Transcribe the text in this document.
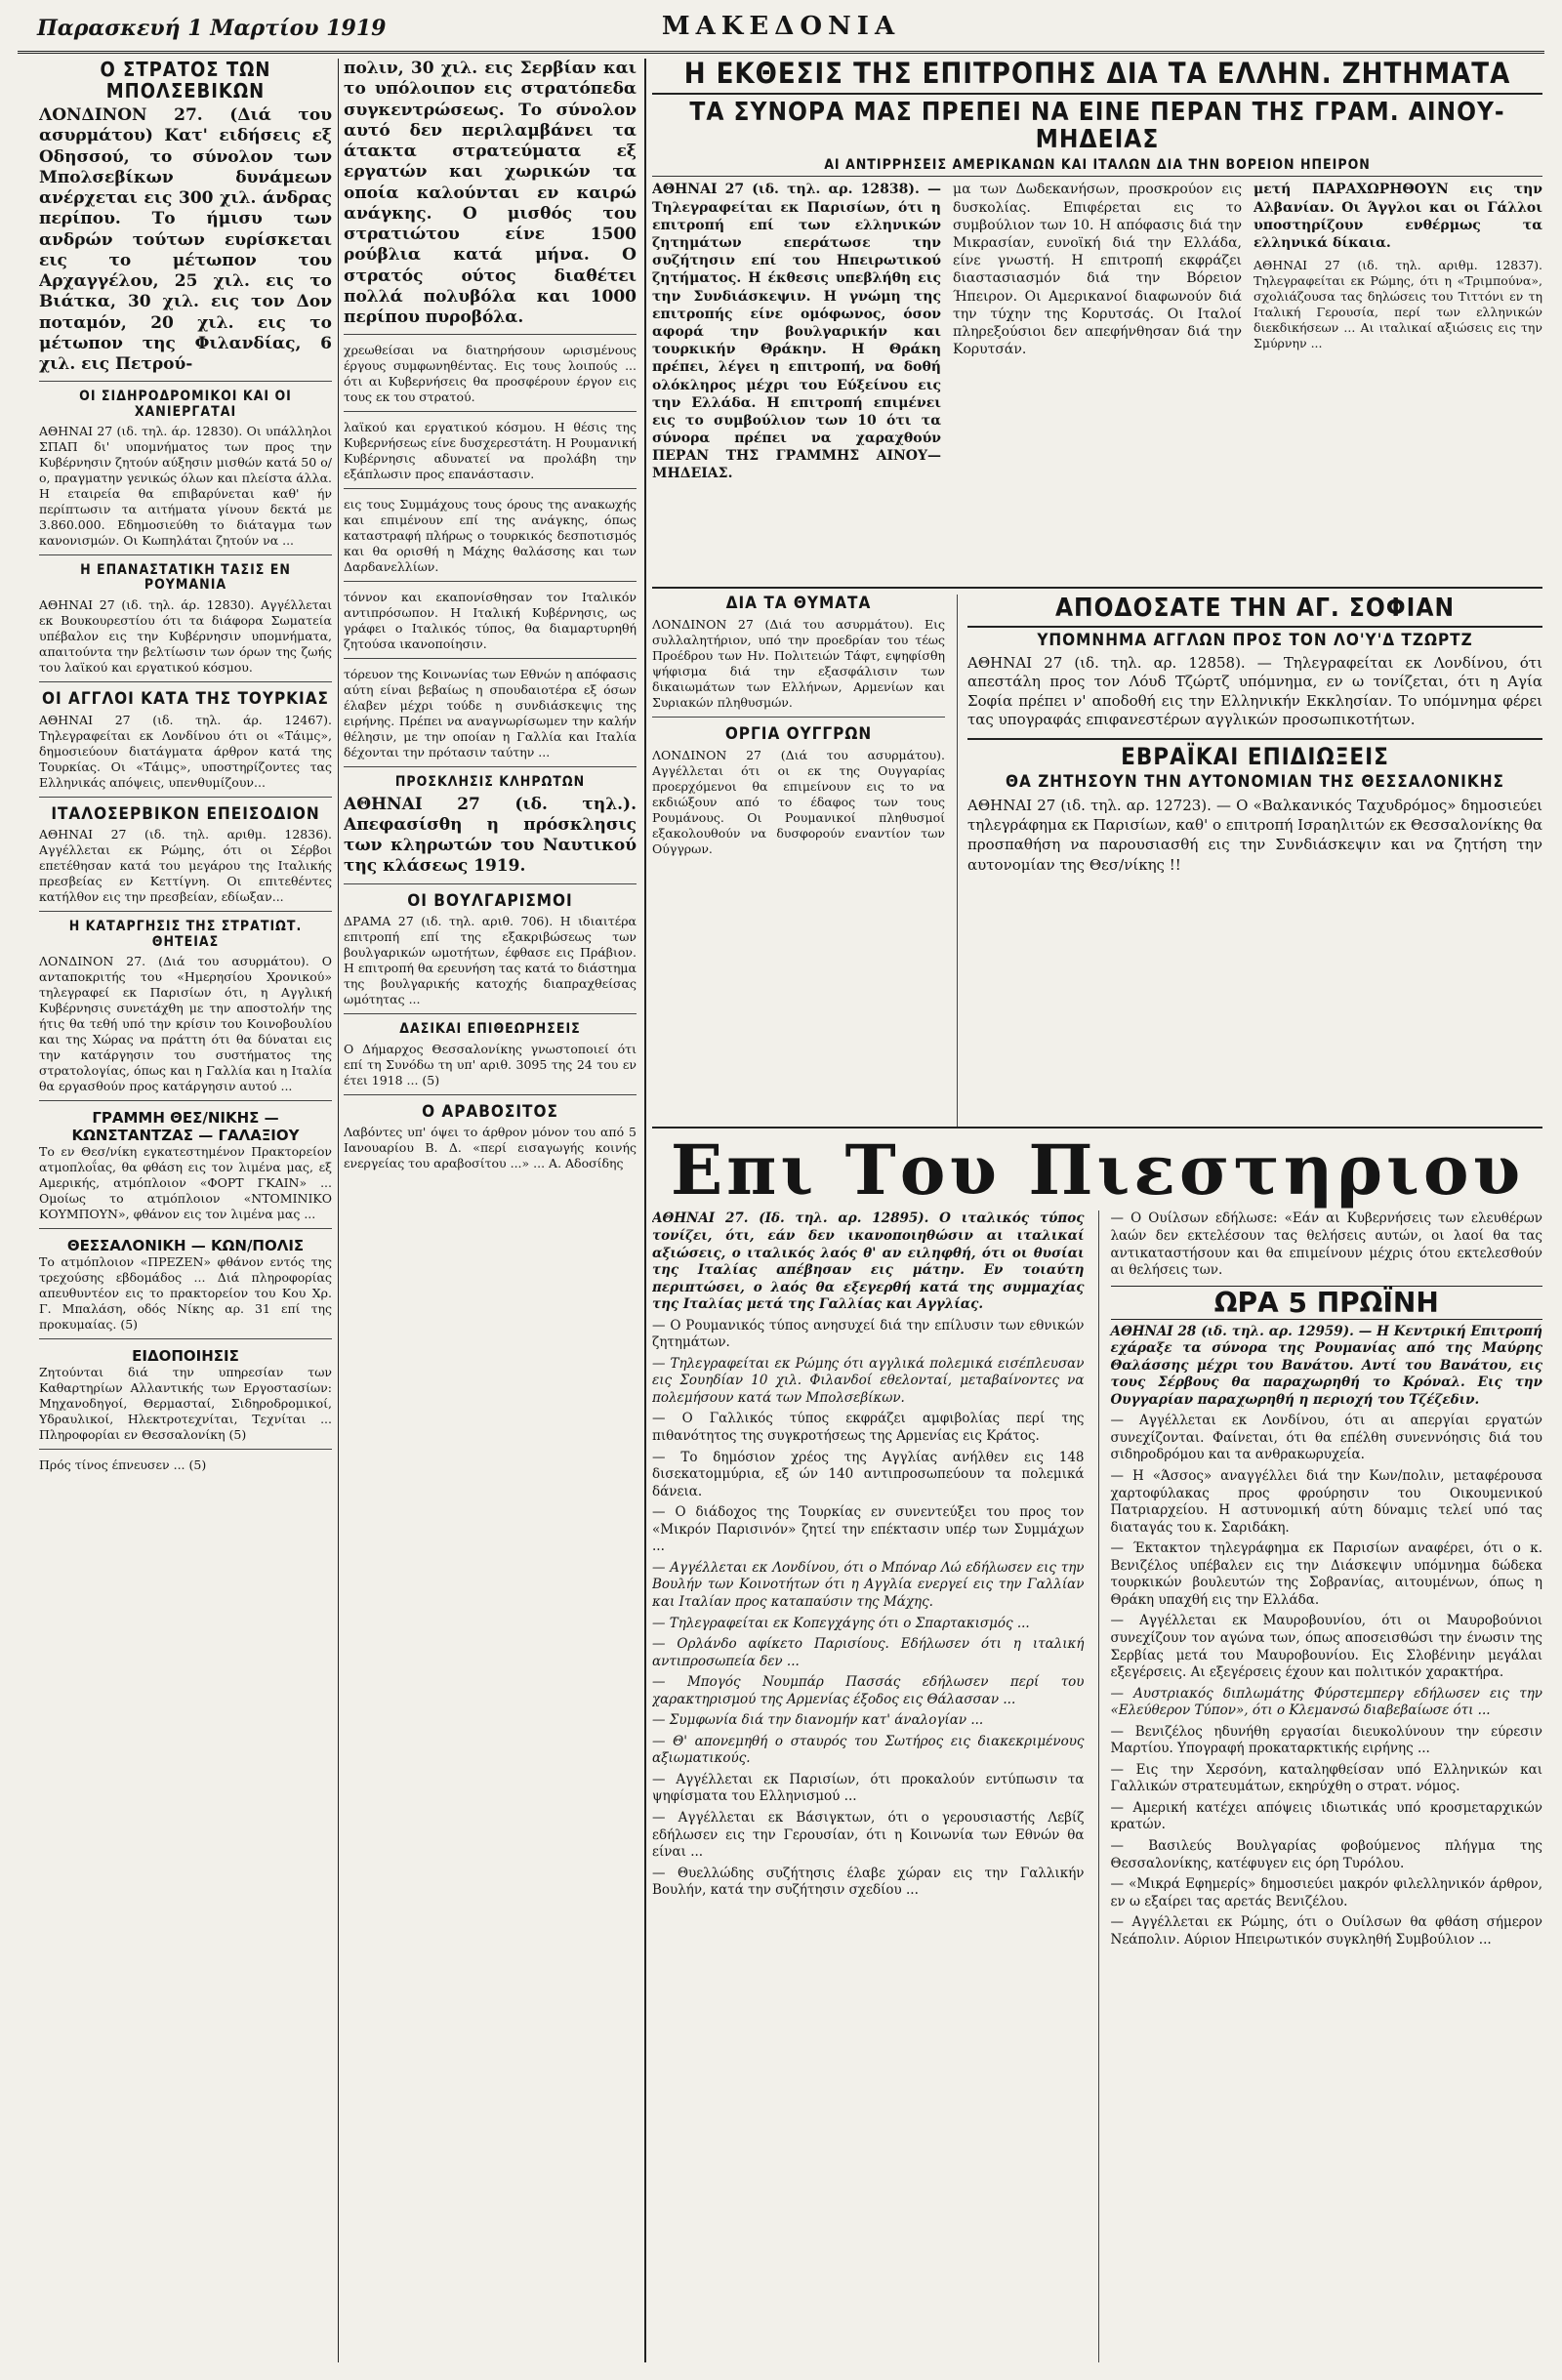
Παρασκευή 1 Μαρτίου 1919	ΜΑΚΕΔΟΝΙΑ
Ο ΣΤΡΑΤΟΣ ΤΩΝ ΜΠΟΛΣΕΒΙΚΩΝ

ΛΟΝΔΙΝΟΝ 27. (Διά του ασυρμάτου) Κατ' ειδήσεις εξ Οδησσού, το σύνολον των Μπολσεβίκων δυνάμεων ανέρχεται εις 300 χιλ. άνδρας περίπου. Το ήμισυ των ανδρών τούτων ευρίσκεται εις το μέτωπον του Αρχαγγέλου, 25 χιλ. εις το Βιάτκα, 30 χιλ. εις τον Δον ποταμόν, 20 χιλ. εις το μέτωπον της Φιλανδίας, 6 χιλ. εις Πετρού-

ΟΙ ΣΙΔΗΡΟΔΡΟΜΙΚΟΙ ΚΑΙ ΟΙ ΧΑΝΙΕΡΓΑΤΑΙ

ΑΘΗΝΑΙ 27 (ιδ. τηλ. άρ. 12830). Οι υπάλληλοι ΣΠΑΠ δι' υπομνήματος των προς την Κυβέρνησιν ζητούν αύξησιν μισθών κατά 50 ο/ο, πραγματην γενικώς όλων και πλείστα άλλα. Η εταιρεία θα επιβαρύνεται καθ' ήν περίπτωσιν τα αιτήματα γίνουν δεκτά με 3.860.000. Εδημοσιεύθη το διάταγμα των κανονισμών. Οι Κωπηλάται ζητούν να ...

Η ΕΠΑΝΑΣΤΑΤΙΚΗ ΤΑΣΙΣ ΕΝ ΡΟΥΜΑΝΙΑ

ΑΘΗΝΑΙ 27 (ιδ. τηλ. άρ. 12830). Αγγέλλεται εκ Βουκουρεστίου ότι τα διάφορα Σωματεία υπέβαλον εις την Κυβέρνησιν υπομνήματα, απαιτούντα την βελτίωσιν των όρων της ζωής του λαϊκού και εργατικού κόσμου.

ΟΙ ΑΓΓΛΟΙ ΚΑΤΑ ΤΗΣ ΤΟΥΡΚΙΑΣ

ΑΘΗΝΑΙ 27 (ιδ. τηλ. άρ. 12467). Τηλεγραφείται εκ Λονδίνου ότι οι «Τάιμς», δημοσιεύουν διατάγματα άρθρον κατά της Τουρκίας. Οι «Τάιμς», υποστηρίζοντες τας Ελληνικάς απόψεις, υπενθυμίζουν...

ΙΤΑΛΟΣΕΡΒΙΚΟΝ ΕΠΕΙΣΟΔΙΟΝ

ΑΘΗΝΑΙ 27 (ιδ. τηλ. αριθμ. 12836). Αγγέλλεται εκ Ρώμης, ότι οι Σέρβοι επετέθησαν κατά του μεγάρου της Ιταλικής πρεσβείας εν Κεττίγνη. Οι επιτεθέντες κατήλθον εις την πρεσβείαν, εδίωξαν...

Η ΚΑΤΑΡΓΗΣΙΣ ΤΗΣ ΣΤΡΑΤΙΩΤ. ΘΗΤΕΙΑΣ

ΛΟΝΔΙΝΟΝ 27. (Διά του ασυρμάτου). Ο ανταποκριτής του «Ημερησίου Χρονικού» τηλεγραφεί εκ Παρισίων ότι, η Αγγλική Κυβέρνησις συνετάχθη με την αποστολήν της ήτις θα τεθή υπό την κρίσιν του Κοινοβουλίου και της Χώρας να πράττη ότι θα δύναται εις την κατάργησιν του συστήματος της στρατολογίας, όπως και η Γαλλία και η Ιταλία θα εργασθούν προς κατάργησιν αυτού ...

ΓΡΑΜΜΗ ΘΕΣ/ΝΙΚΗΣ — ΚΩΝΣΤΑΝΤΖΑΣ — ΓΑΛΑΞΙΟΥ

Το εν Θεσ/νίκη εγκατεστημένον Πρακτορείον ατμοπλοΐας, θα φθάση εις τον λιμένα μας, εξ Αμερικής, ατμόπλοιον «ΦΟΡΤ ΓΚΑΙΝ» ... Ομοίως το ατμόπλοιον «ΝΤΟΜΙΝΙΚΟ ΚΟΥΜΠΟΥΝ», φθάνον εις τον λιμένα μας ...

ΘΕΣΣΑΛΟΝΙΚΗ — ΚΩΝ/ΠΟΛΙΣ

Το ατμόπλοιον «ΠΡΕΖΕΝ» φθάνον εντός της τρεχούσης εβδομάδος ... Διά πληροφορίας απευθυντέον εις το πρακτορείον του Κου Χρ. Γ. Μπαλάση, οδός Νίκης αρ. 31 επί της προκυμαίας. (5)

ΕΙΔΟΠΟΙΗΣΙΣ

Ζητούνται διά την υπηρεσίαν των Καθαρτηρίων Αλλαντικής των Εργοστασίων: Μηχανοδηγοί, Θερμασταί, Σιδηροδρομικοί, Υδραυλικοί, Ηλεκτροτεχνίται, Τεχνίται ... Πληροφορίαι εν Θεσσαλονίκη (5)

Πρός τίνος έπνευσεν ... (5)

πολιν, 30 χιλ. εις Σερβίαν και το υπόλοιπον εις στρατόπεδα συγκεντρώσεως. Το σύνολον αυτό δεν περιλαμβάνει τα άτακτα στρατεύματα εξ εργατών και χωρικών τα οποία καλούνται εν καιρώ ανάγκης. Ο μισθός του στρατιώτου είνε 1500 ρούβλια κατά μήνα. Ο στρατός ούτος διαθέτει πολλά πολυβόλα και 1000 περίπου πυροβόλα.

χρεωθείσαι να διατηρήσουν ωρισμένους έργους συμφωνηθέντας. Εις τους λοιπούς ... ότι αι Κυβερνήσεις θα προσφέρουν έργον εις τους εκ του στρατού.

λαϊκού και εργατικού κόσμου. Η θέσις της Κυβερνήσεως είνε δυσχερεστάτη. Η Ρουμανική Κυβέρνησις αδυνατεί να προλάβη την εξάπλωσιν προς επανάστασιν.

εις τους Συμμάχους τους όρους της ανακωχής και επιμένουν επί της ανάγκης, όπως καταστραφή πλήρως ο τουρκικός δεσποτισμός και θα ορισθή η Μάχης θαλάσσης και των Δαρδανελλίων.

τόννον και εκαπονίσθησαν τον Ιταλικόν αντιπρόσωπον. Η Ιταλική Κυβέρνησις, ως γράφει ο Ιταλικός τύπος, θα διαμαρτυρηθή ζητούσα ικανοποίησιν.

τόρευον της Κοινωνίας των Εθνών η απόφασις αύτη είναι βεβαίως η σπουδαιοτέρα εξ όσων έλαβεν μέχρι τούδε η συνδιάσκεψις της ειρήνης. Πρέπει να αναγνωρίσωμεν την καλήν θέλησιν, με την οποίαν η Γαλλία και Ιταλία δέχονται την πρότασιν ταύτην ...

ΠΡΟΣΚΛΗΣΙΣ ΚΛΗΡΩΤΩΝ

ΑΘΗΝΑΙ 27 (ιδ. τηλ.). Απεφασίσθη η πρόσκλησις των κληρωτών του Ναυτικού της κλάσεως 1919.

ΟΙ ΒΟΥΛΓΑΡΙΣΜΟΙ

ΔΡΑΜΑ 27 (ιδ. τηλ. αριθ. 706). Η ιδιαιτέρα επιτροπή επί της εξακριβώσεως των βουλγαρικών ωμοτήτων, έφθασε εις Πράβιον. Η επιτροπή θα ερευνήση τας κατά το διάστημα της βουλγαρικής κατοχής διαπραχθείσας ωμότητας ...

ΔΑΣΙΚΑΙ ΕΠΙΘΕΩΡΗΣΕΙΣ

Ο Δήμαρχος Θεσσαλονίκης γνωστοποιεί ότι επί τη Συνόδω τη υπ' αριθ. 3095 της 24 του εν έτει 1918 ... (5)

Ο ΑΡΑΒΟΣΙΤΟΣ

Λαβόντες υπ' όψει το άρθρον μόνον του από 5 Ιανουαρίου Β. Δ. «περί εισαγωγής κοινής ενεργείας του αραβοσίτου ...» ... Α. Αδοσίδης

Η ΕΚΘΕΣΙΣ ΤΗΣ ΕΠΙΤΡΟΠΗΣ ΔΙΑ ΤΑ ΕΛΛΗΝ. ΖΗΤΗΜΑΤΑ
ΤΑ ΣΥΝΟΡΑ ΜΑΣ ΠΡΕΠΕΙ ΝΑ ΕΙΝΕ ΠΕΡΑΝ ΤΗΣ ΓΡΑΜ. ΑΙΝΟΥ-ΜΗΔΕΙΑΣ
ΑΙ ΑΝΤΙΡΡΗΣΕΙΣ ΑΜΕΡΙΚΑΝΩΝ ΚΑΙ ΙΤΑΛΩΝ ΔΙΑ ΤΗΝ ΒΟΡΕΙΟΝ ΗΠΕΙΡΟΝ

ΑΘΗΝΑΙ 27 (ιδ. τηλ. αρ. 12838). — Τηλεγραφείται εκ Παρισίων, ότι η επιτροπή επί των ελληνικών ζητημάτων επεράτωσε την συζήτησιν επί του Ηπειρωτικού ζητήματος. Η έκθεσις υπεβλήθη εις την Συνδιάσκεψιν. Η γνώμη της επιτροπής είνε ομόφωνος, όσον αφορά την βουλγαρικήν και τουρκικήν Θράκην. Η Θράκη πρέπει, λέγει η επιτροπή, να δοθή ολόκληρος μέχρι του Εύξείνου εις την Ελλάδα. Η επιτροπή επιμένει εις το συμβούλιον των 10 ότι τα σύνορα πρέπει να χαραχθούν ΠΕΡΑΝ ΤΗΣ ΓΡΑΜΜΗΣ ΑΙΝΟΥ—ΜΗΔΕΙΑΣ.

μα των Δωδεκανήσων, προσκρούον εις δυσκολίας. Επιφέρεται εις το συμβούλιον των 10. Η απόφασις διά την Μικρασίαν, ευνοϊκή διά την Ελλάδα, είνε γνωστή. Η επιτροπή εκφράζει διαστασιασμόν διά την Βόρειον Ήπειρον. Οι Αμερικανοί διαφωνούν διά την τύχην της Κορυτσάς. Οι Ιταλοί πληρεξούσιοι δεν απεφήνθησαν διά την Κορυτσάν.

μετή ΠΑΡΑΧΩΡΗΘΟΥΝ εις την Αλβανίαν. Οι Άγγλοι και οι Γάλλοι υποστηρίζουν ενθέρμως τα ελληνικά δίκαια.

ΑΘΗΝΑΙ 27 (ιδ. τηλ. αριθμ. 12837). Τηλεγραφείται εκ Ρώμης, ότι η «Τριμπούνα», σχολιάζουσα τας δηλώσεις του Τιττόνι εν τη Ιταλική Γερουσία, περί των ελληνικών διεκδικήσεων ... Αι ιταλικαί αξιώσεις εις την Σμύρνην ...

ΔΙΑ ΤΑ ΘΥΜΑΤΑ

ΛΟΝΔΙΝΟΝ 27 (Διά του ασυρμάτου). Εις συλλαλητήριον, υπό την προεδρίαν του τέως Προέδρου των Ην. Πολιτειών Τάφτ, εψηφίσθη ψήφισμα διά την εξασφάλισιν των δικαιωμάτων των Ελλήνων, Αρμενίων και Συριακών πληθυσμών.

ΟΡΓΙΑ ΟΥΓΓΡΩΝ

ΛΟΝΔΙΝΟΝ 27 (Διά του ασυρμάτου). Αγγέλλεται ότι οι εκ της Ουγγαρίας προερχόμενοι θα επιμείνουν εις το να εκδιώξουν από το έδαφος των τους Ρουμάνους. Οι Ρουμανικοί πληθυσμοί εξακολουθούν να δυσφορούν εναντίον των Ούγγρων.

ΑΠΟΔΟΣΑΤΕ ΤΗΝ ΑΓ. ΣΟΦΙΑΝ
ΥΠΟΜΝΗΜΑ ΑΓΓΛΩΝ ΠΡΟΣ ΤΟΝ ΛΟ'Υ'Δ ΤΖΩΡΤΖ

ΑΘΗΝΑΙ 27 (ιδ. τηλ. αρ. 12858). — Τηλεγραφείται εκ Λονδίνου, ότι απεστάλη προς τον Λόυδ Τζώρτζ υπόμνημα, εν ω τονίζεται, ότι η Αγία Σοφία πρέπει ν' αποδοθή εις την Ελληνικήν Εκκλησίαν. Το υπόμνημα φέρει τας υπογραφάς επιφανεστέρων αγγλικών προσωπικοτήτων.

ΕΒΡΑΪΚΑΙ ΕΠΙΔΙΩΞΕΙΣ
ΘΑ ΖΗΤΗΣΟΥΝ ΤΗΝ ΑΥΤΟΝΟΜΙΑΝ ΤΗΣ ΘΕΣΣΑΛΟΝΙΚΗΣ

ΑΘΗΝΑΙ 27 (ιδ. τηλ. αρ. 12723). — Ο «Βαλκανικός Ταχυδρόμος» δημοσιεύει τηλεγράφημα εκ Παρισίων, καθ' ο επιτροπή Ισραηλιτών εκ Θεσσαλονίκης θα προσπαθήση να παρουσιασθή εις την Συνδιάσκεψιν και να ζητήση την αυτονομίαν της Θεσ/νίκης !!

Επι Του Πιεστηριου

ΑΘΗΝΑΙ 27. (Ιδ. τηλ. αρ. 12895). Ο ιταλικός τύπος τονίζει, ότι, εάν δεν ικανοποιηθώσιν αι ιταλικαί αξιώσεις, ο ιταλικός λαός θ' αν ειληφθή, ότι οι θυσίαι της Ιταλίας απέβησαν εις μάτην. Εν τοιαύτη περιπτώσει, ο λαός θα εξεγερθή κατά της συμμαχίας της Ιταλίας μετά της Γαλλίας και Αγγλίας.

— Ο Ρουμανικός τύπος ανησυχεί διά την επίλυσιν των εθνικών ζητημάτων.

— Τηλεγραφείται εκ Ρώμης ότι αγγλικά πολεμικά εισέπλευσαν εις Σουηδίαν 10 χιλ. Φιλανδοί εθελονταί, μεταβαίνοντες να πολεμήσουν κατά των Μπολσεβίκων.

— Ο Γαλλικός τύπος εκφράζει αμφιβολίας περί της πιθανότητος της συγκροτήσεως της Αρμενίας εις Κράτος.

— Το δημόσιον χρέος της Αγγλίας ανήλθεν εις 148 δισεκατομμύρια, εξ ών 140 αντιπροσωπεύουν τα πολεμικά δάνεια.

— Ο διάδοχος της Τουρκίας εν συνεντεύξει του προς τον «Μικρόν Παρισινόν» ζητεί την επέκτασιν υπέρ των Συμμάχων ...

— Αγγέλλεται εκ Λονδίνου, ότι ο Μπόναρ Λώ εδήλωσεν εις την Βουλήν των Κοινοτήτων ότι η Αγγλία ενεργεί εις την Γαλλίαν και Ιταλίαν προς καταπαύσιν της Μάχης.

— Τηλεγραφείται εκ Κοπεγχάγης ότι ο Σπαρτακισμός ...

— Ορλάνδο αφίκετο Παρισίους. Εδήλωσεν ότι η ιταλική αντιπροσωπεία δεν ...

— Μπογός Νουμπάρ Πασσάς εδήλωσεν περί του χαρακτηρισμού της Αρμενίας έξοδος εις Θάλασσαν ...

— Συμφωνία διά την διανομήν κατ' άναλογίαν ...

— Θ' απονεμηθή ο σταυρός του Σωτήρος εις διακεκριμένους αξιωματικούς.

— Αγγέλλεται εκ Παρισίων, ότι προκαλούν εντύπωσιν τα ψηφίσματα του Ελληνισμού ...

— Αγγέλλεται εκ Βάσιγκτων, ότι ο γερουσιαστής Λεβίζ εδήλωσεν εις την Γερουσίαν, ότι η Κοινωνία των Εθνών θα είναι ...

— Θυελλώδης συζήτησις έλαβε χώραν εις την Γαλλικήν Βουλήν, κατά την συζήτησιν σχεδίου ...

— Ο Ουίλσων εδήλωσε: «Εάν αι Κυβερνήσεις των ελευθέρων λαών δεν εκτελέσουν τας θελήσεις αυτών, οι λαοί θα τας αντικαταστήσουν και θα επιμείνουν μέχρις ότου εκτελεσθούν αι θελήσεις των.

ΩΡΑ 5 ΠΡΩΪΝΗ

ΑΘΗΝΑΙ 28 (ιδ. τηλ. αρ. 12959). — Η Κεντρική Επιτροπή εχάραξε τα σύνορα της Ρουμανίας από της Μαύρης Θαλάσσης μέχρι του Βανάτου. Αντί του Βανάτου, εις τους Σέρβους θα παραχωρηθή το Κρόναλ. Εις την Ουγγαρίαν παραχωρηθή η περιοχή του Τζέζεδιν.

— Αγγέλλεται εκ Λονδίνου, ότι αι απεργίαι εργατών συνεχίζονται. Φαίνεται, ότι θα επέλθη συνεννόησις διά του σιδηροδρόμου και τα ανθρακωρυχεία.

— Η «Άσσος» αναγγέλλει διά την Κων/πολιν, μεταφέρουσα χαρτοφύλακας προς φρούρησιν του Οικουμενικού Πατριαρχείου. Η αστυνομική αύτη δύναμις τελεί υπό τας διαταγάς του κ. Σαριδάκη.

— Έκτακτον τηλεγράφημα εκ Παρισίων αναφέρει, ότι ο κ. Βενιζέλος υπέβαλεν εις την Διάσκεψιν υπόμνημα δώδεκα τουρκικών βουλευτών της Σοβρανίας, αιτουμένων, όπως η Θράκη υπαχθή εις την Ελλάδα.

— Αγγέλλεται εκ Μαυροβουνίου, ότι οι Μαυροβούνιοι συνεχίζουν τον αγώνα των, όπως αποσεισθώσι την ένωσιν της Σερβίας μετά του Μαυροβουνίου. Εις Σλοβένιην μεγάλαι εξεγέρσεις. Αι εξεγέρσεις έχουν και πολιτικόν χαρακτήρα.

— Αυστριακός διπλωμάτης Φύρστεμπεργ εδήλωσεν εις την «Ελεύθερον Τύπον», ότι ο Κλεμανσώ διαβεβαίωσε ότι ...

— Βενιζέλος ηδυνήθη εργασίαι διευκολύνουν την εύρεσιν Μαρτίου. Υπογραφή προκαταρκτικής ειρήνης ...

— Εις την Χερσόνη, καταληφθείσαν υπό Ελληνικών και Γαλλικών στρατευμάτων, εκηρύχθη ο στρατ. νόμος.

— Αμερική κατέχει απόψεις ιδιωτικάς υπό κροσμεταρχικών κρατών.

— Βασιλεύς Βουλγαρίας φοβούμενος πλήγμα της Θεσσαλονίκης, κατέφυγεν εις όρη Τυρόλου.

— «Μικρά Εφημερίς» δημοσιεύει μακρόν φιλελληνικόν άρθρον, εν ω εξαίρει τας αρετάς Βενιζέλου.

— Αγγέλλεται εκ Ρώμης, ότι ο Ουίλσων θα φθάση σήμερον Νεάπολιν. Αύριον Ηπειρωτικόν συγκληθή Συμβούλιον ...
